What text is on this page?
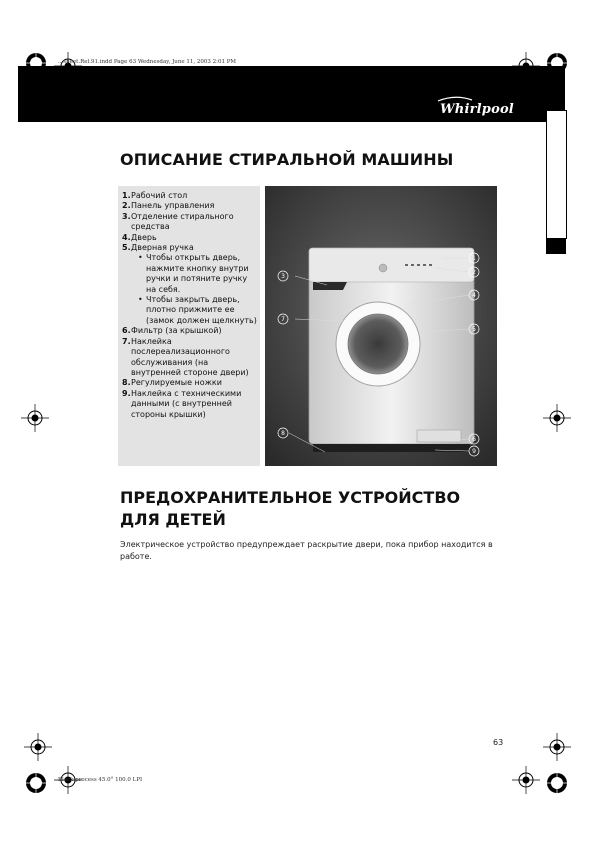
...sheet.Rel.91.indd Page 63 Wednesday, June 11, 2003 2:01 PM
Whirlpool
ОПИСАНИЕ СТИРАЛЬНОЙ МАШИНЫ
1. Рабочий стол
2. Панель управления
3. Отделение стирального средства
4. Дверь
5. Дверная ручка
• Чтобы открыть дверь, нажмите кнопку внутри ручки и потяните ручку на себя.
• Чтобы закрыть дверь, плотно прижмите ее (замок должен щелкнуть)
6. Фильтр (за крышкой)
7. Наклейка послереализационного обслуживания (на внутренней стороне двери)
8. Регулируемые ножки
9. Наклейка с техническими данными (с внутренней стороны крышки)
1
2
3
4
5
6
7
8
9
ПРЕДОХРАНИТЕЛЬНОЕ УСТРОЙСТВО ДЛЯ ДЕТЕЙ
Электрическое устройство предупреждает раскрытие двери, пока прибор находится в работе.
63
Black process 45.0° 100.0 LPI
